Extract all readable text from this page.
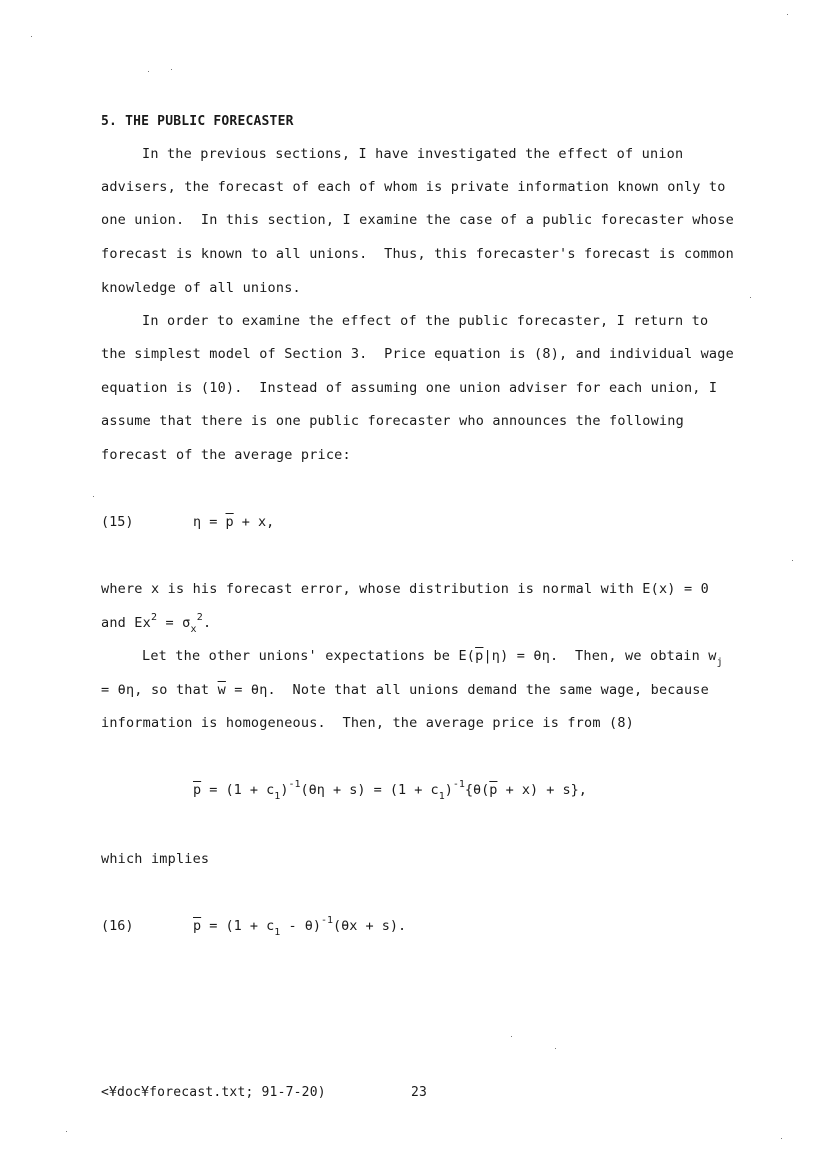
5. THE PUBLIC FORECASTER
In the previous sections, I have investigated the effect of union
advisers, the forecast of each of whom is private information known only to
one union.  In this section, I examine the case of a public forecaster whose
forecast is known to all unions.  Thus, this forecaster's forecast is common
knowledge of all unions.
In order to examine the effect of the public forecaster, I return to
the simplest model of Section 3.  Price equation is (8), and individual wage
equation is (10).  Instead of assuming one union adviser for each union, I
assume that there is one public forecaster who announces the following
forecast of the average price:
(15)	$\eta = \overline{p} + x$,
where x is his forecast error, whose distribution is normal with E(x) = 0
and $Ex^2 = \sigma_x^2$.
Let the other unions' expectations be $E(\overline{p}|\eta) = \theta\eta$.  Then, we obtain $w_j$
= θη, so that $\overline{w} = \theta\eta$.  Note that all unions demand the same wage, because
information is homogeneous.  Then, the average price is from (8)
$\overline{p} = (1 + c_1)^{-1}(\theta\eta + s) = (1 + c_1)^{-1}\{\theta(\overline{p} + x) + s\}$,
which implies
(16)	$\overline{p} = (1 + c_1 - \theta)^{-1}(\theta x + s)$.
<¥doc¥forecast.txt; 91-7-20)	23
